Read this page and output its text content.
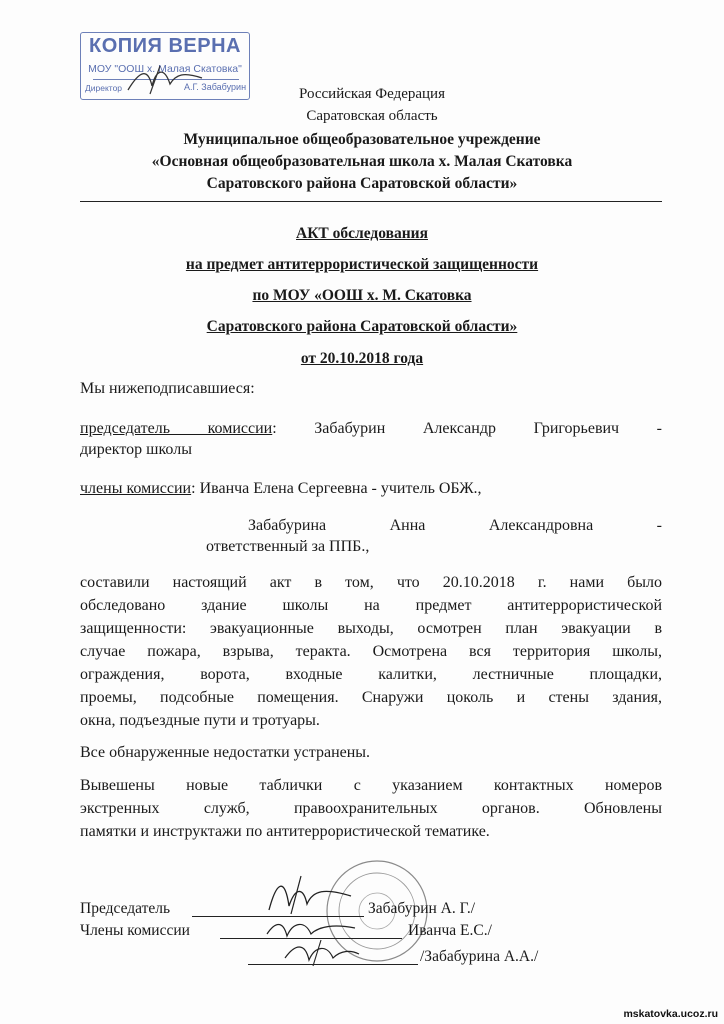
КОПИЯ ВЕРНА
МОУ "ООШ х. Малая Скатовка"
Директор	А.Г. Забабурин	Российская Федерация
Саратовская область
Муниципальное общеобразовательное учреждение
«Основная общеобразовательная школа х. Малая Скатовка
Саратовского района Саратовской области»
АКТ обследования
на предмет антитеррористической защищенности
по МОУ «ООШ х. М. Скатовка
Саратовского района Саратовской области»
от 20.10.2018 года
Мы нижеподписавшиеся:
председатель комиссии: Забабурин Александр Григорьевич -
директор школы
члены комиссии: Иванча Елена Сергеевна - учитель ОБЖ.,
Забабурина Анна Александровна -
ответственный за ППБ.,
составили настоящий акт в том, что 20.10.2018 г. нами было
обследовано здание школы на предмет антитеррористической
защищенности: эвакуационные выходы, осмотрен план эвакуации в
случае пожара, взрыва, теракта. Осмотрена вся территория школы,
ограждения, ворота, входные калитки, лестничные площадки,
проемы, подсобные помещения. Снаружи цоколь и стены здания,
окна, подъездные пути и тротуары.
Все обнаруженные недостатки устранены.
Вывешены новые таблички с указанием контактных номеров
экстренных служб, правоохранительных органов. Обновлены
памятки и инструктажи по антитеррористической тематике.
Председатель	Забабурин А. Г./
Члены комиссии	Иванча Е.С./
/Забабурина А.А./
mskatovka.ucoz.ru
